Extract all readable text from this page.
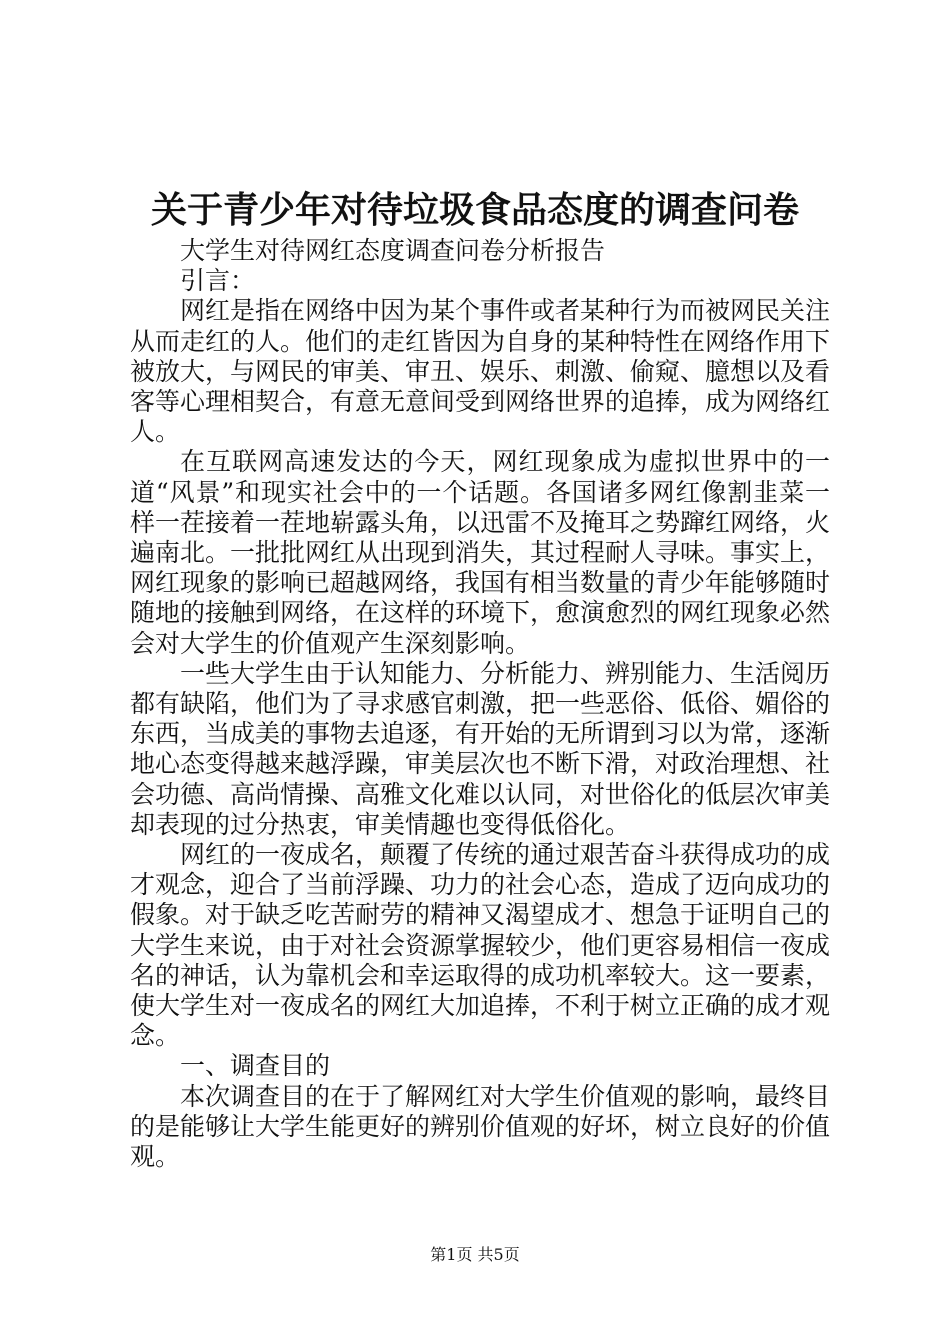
关于青少年对待垃圾食品态度的调查问卷

大学生对待网红态度调查问卷分析报告

引言：

网红是指在网络中因为某个事件或者某种行为而被网民关注从而走红的人。他们的走红皆因为自身的某种特性在网络作用下被放大，与网民的审美、审丑、娱乐、刺激、偷窥、臆想以及看客等心理相契合，有意无意间受到网络世界的追捧，成为网络红人。

在互联网高速发达的今天，网红现象成为虚拟世界中的一道“风景”和现实社会中的一个话题。各国诸多网红像割韭菜一样一茬接着一茬地崭露头角，以迅雷不及掩耳之势蹿红网络，火遍南北。一批批网红从出现到消失，其过程耐人寻味。事实上，网红现象的影响已超越网络，我国有相当数量的青少年能够随时随地的接触到网络，在这样的环境下，愈演愈烈的网红现象必然会对大学生的价值观产生深刻影响。

一些大学生由于认知能力、分析能力、辨别能力、生活阅历都有缺陷，他们为了寻求感官刺激，把一些恶俗、低俗、媚俗的东西，当成美的事物去追逐，有开始的无所谓到习以为常，逐渐地心态变得越来越浮躁，审美层次也不断下滑，对政治理想、社会功德、高尚情操、高雅文化难以认同，对世俗化的低层次审美却表现的过分热衷，审美情趣也变得低俗化。

网红的一夜成名，颠覆了传统的通过艰苦奋斗获得成功的成才观念，迎合了当前浮躁、功力的社会心态，造成了迈向成功的假象。对于缺乏吃苦耐劳的精神又渴望成才、想急于证明自己的大学生来说，由于对社会资源掌握较少，他们更容易相信一夜成名的神话，认为靠机会和幸运取得的成功机率较大。这一要素，使大学生对一夜成名的网红大加追捧，不利于树立正确的成才观念。

一、调查目的

本次调查目的在于了解网红对大学生价值观的影响，最终目的是能够让大学生能更好的辨别价值观的好坏，树立良好的价值观。

第1页 共5页
